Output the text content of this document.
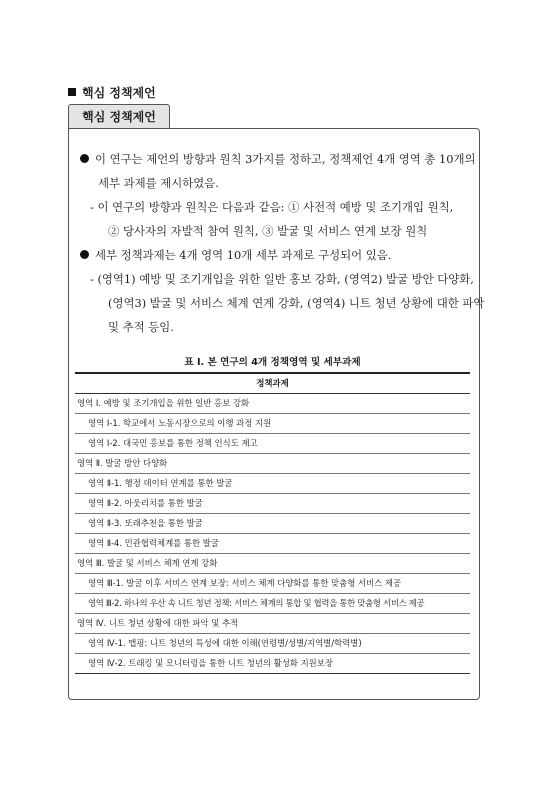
핵심 정책제언
핵심 정책제언
이 연구는 제언의 방향과 원칙 3가지를 정하고, 정책제언 4개 영역 총 10개의
세부 과제를 제시하였음.
- 이 연구의 방향과 원칙은 다음과 같음: ① 사전적 예방 및 조기개입 원칙,
② 당사자의 자발적 참여 원칙, ③ 발굴 및 서비스 연계 보장 원칙
세부 정책과제는 4개 영역 10개 세부 과제로 구성되어 있음.
- (영역1) 예방 및 조기개입을 위한 일반 홍보 강화, (영역2) 발굴 방안 다양화,
(영역3) 발굴 및 서비스 체계 연계 강화, (영역4) 니트 청년 상황에 대한 파악
및 추적 등임.
표 Ⅰ. 본 연구의 4개 정책영역 및 세부과제
정책과제
영역 Ⅰ. 예방 및 조기개입을 위한 일반 홍보 강화
영역 Ⅰ-1. 학교에서 노동시장으로의 이행 과정 지원
영역 Ⅰ-2. 대국민 홍보를 통한 정책 인식도 제고
영역 Ⅱ. 발굴 방안 다양화
영역 Ⅱ-1. 행정 데이터 연계를 통한 발굴
영역 Ⅱ-2. 아웃리치를 통한 발굴
영역 Ⅱ-3. 또래추천을 통한 발굴
영역 Ⅱ-4. 민관협력체계를 통한 발굴
영역 Ⅲ. 발굴 및 서비스 체계 연계 강화
영역 Ⅲ-1. 발굴 이후 서비스 연계 보장: 서비스 체계 다양화를 통한 맞춤형 서비스 제공
영역 Ⅲ-2. 하나의 우산 속 니트 청년 정책: 서비스 체계의 통합 및 협력을 통한 맞춤형 서비스 제공
영역 Ⅳ. 니트 청년 상황에 대한 파악 및 추적
영역 Ⅳ-1. 맵핑: 니트 청년의 특성에 대한 이해(연령별/성별/지역별/학력별)
영역 Ⅳ-2. 트래킹 및 모니터링을 통한 니트 청년의 활성화 지원보장
